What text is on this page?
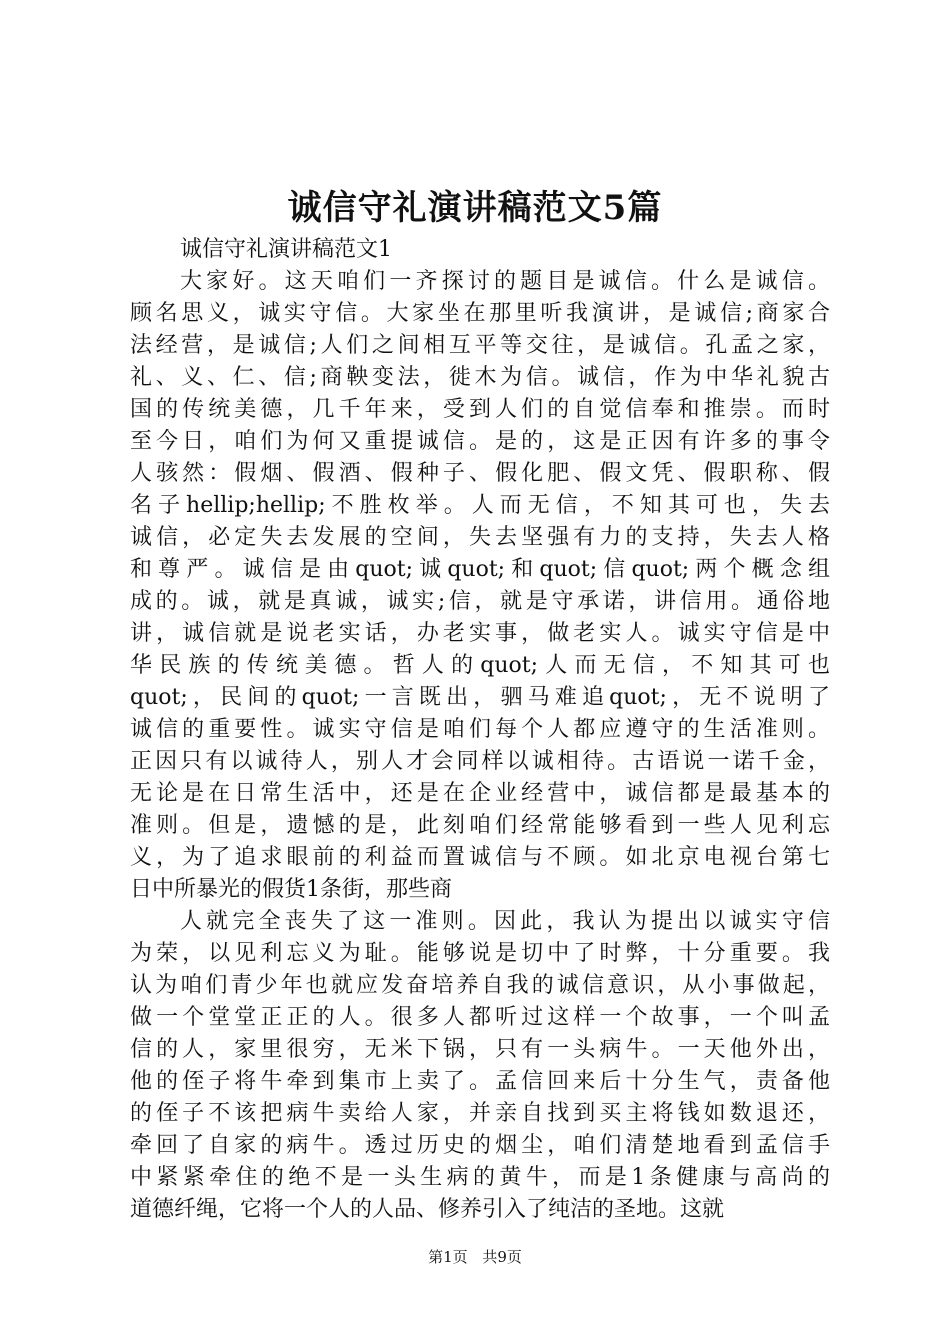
诚信守礼演讲稿范文5篇
诚信守礼演讲稿范文1
大家好。这天咱们一齐探讨的题目是诚信。什么是诚信。
顾名思义，诚实守信。大家坐在那里听我演讲，是诚信;商家合
法经营，是诚信;人们之间相互平等交往，是诚信。孔孟之家，
礼、义、仁、信;商鞅变法，徙木为信。诚信，作为中华礼貌古
国的传统美德，几千年来，受到人们的自觉信奉和推崇。而时
至今日，咱们为何又重提诚信。是的，这是正因有许多的事令
人骇然：假烟、假酒、假种子、假化肥、假文凭、假职称、假
名子hellip;hellip;不胜枚举。人而无信，不知其可也，失去
诚信，必定失去发展的空间，失去坚强有力的支持，失去人格
和尊严。诚信是由quot;诚quot;和quot;信quot;两个概念组
成的。诚，就是真诚，诚实;信，就是守承诺，讲信用。通俗地
讲，诚信就是说老实话，办老实事，做老实人。诚实守信是中
华民族的传统美德。哲人的quot;人而无信，不知其可也
quot;，民间的quot;一言既出，驷马难追quot;，无不说明了
诚信的重要性。诚实守信是咱们每个人都应遵守的生活准则。
正因只有以诚待人，别人才会同样以诚相待。古语说一诺千金，
无论是在日常生活中，还是在企业经营中，诚信都是最基本的
准则。但是，遗憾的是，此刻咱们经常能够看到一些人见利忘
义，为了追求眼前的利益而置诚信与不顾。如北京电视台第七
日中所暴光的假货1条街，那些商
人就完全丧失了这一准则。因此，我认为提出以诚实守信
为荣，以见利忘义为耻。能够说是切中了时弊，十分重要。我
认为咱们青少年也就应发奋培养自我的诚信意识，从小事做起，
做一个堂堂正正的人。很多人都听过这样一个故事，一个叫孟
信的人，家里很穷，无米下锅，只有一头病牛。一天他外出，
他的侄子将牛牵到集市上卖了。孟信回来后十分生气，责备他
的侄子不该把病牛卖给人家，并亲自找到买主将钱如数退还，
牵回了自家的病牛。透过历史的烟尘，咱们清楚地看到孟信手
中紧紧牵住的绝不是一头生病的黄牛，而是1条健康与高尚的
道德纤绳，它将一个人的人品、修养引入了纯洁的圣地。这就
第1页 共9页
